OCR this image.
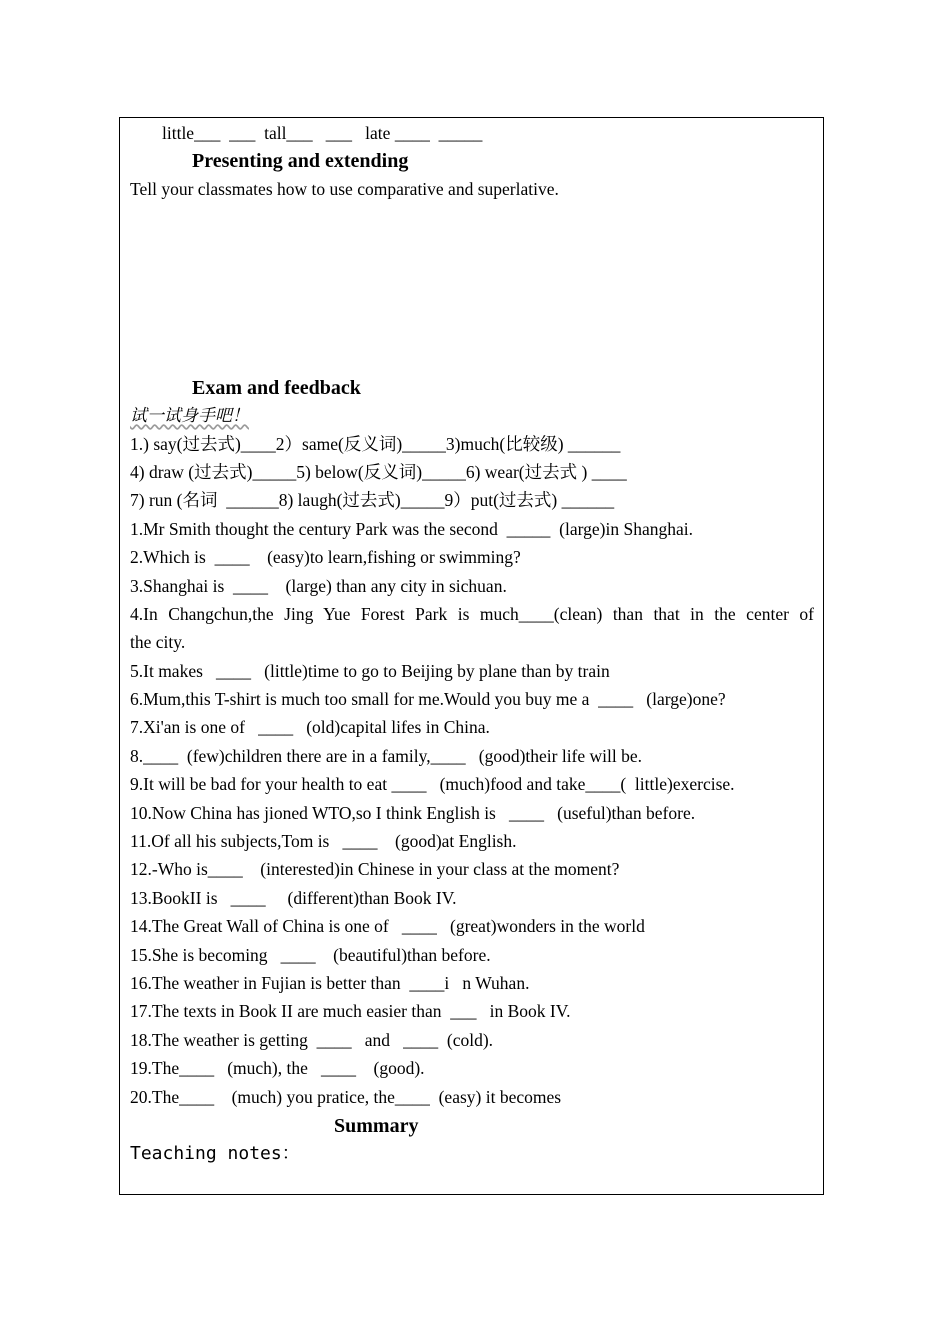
little___  ___  tall___   ___   late ____  _____
Presenting and extending
Tell your classmates how to use comparative and superlative.
Exam and feedback
试一试身手吧！
1.) say(过去式)____2）same(反义词)_____3)much(比较级) ______
4) draw (过去式)_____5) below(反义词)_____6) wear(过去式 ) ____
7) run (名词  ______8) laugh(过去式)_____9）put(过去式) ______
1.Mr Smith thought the century Park was the second  _____  (large)in Shanghai.
2.Which is  ____    (easy)to learn,fishing or swimming?
3.Shanghai is  ____    (large) than any city in sichuan.
4.In Changchun,the Jing Yue Forest Park is much____(clean) than that in the center of
the city.
5.It makes   ____   (little)time to go to Beijing by plane than by train
6.Mum,this T-shirt is much too small for me.Would you buy me a  ____   (large)one?
7.Xi'an is one of   ____   (old)capital lifes in China.
8.____  (few)children there are in a family,____   (good)their life will be.
9.It will be bad for your health to eat ____   (much)food and take____(  little)exercise.
10.Now China has jioned WTO,so I think English is   ____   (useful)than before.
11.Of all his subjects,Tom is   ____    (good)at English.
12.-Who is____    (interested)in Chinese in your class at the moment?
13.BookII is   ____     (different)than Book IV.
14.The Great Wall of China is one of   ____   (great)wonders in the world
15.She is becoming   ____    (beautiful)than before.
16.The weather in Fujian is better than  ____i   n Wuhan.
17.The texts in Book II are much easier than  ___   in Book IV.
18.The weather is getting  ____   and   ____  (cold).
19.The____   (much), the   ____    (good).
20.The____    (much) you pratice, the____  (easy) it becomes
Summary
Teaching notes：
